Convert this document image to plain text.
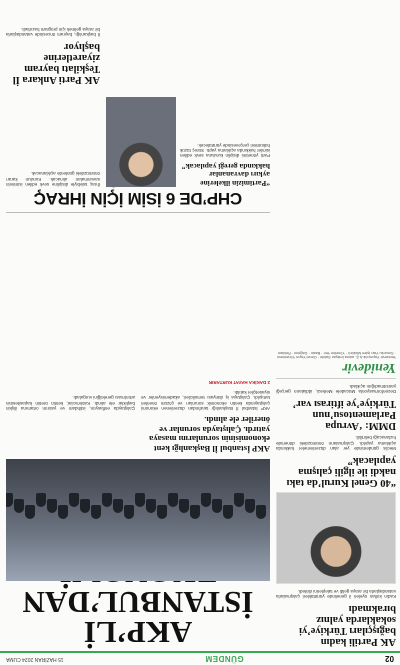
02
GÜNDEM
15 HAZİRAN 2024 CUMA
AKP’Lİ İSTANBUL’DAN
AKP İstanbul İl Başkanlığı kent ekonomisinin sorunlarını masaya yatırdı. Çalıştayda sorunlar ve öneriler ele alındı.
AKP İstanbul İl Başkanlığı tarafından düzenlenen ekonomi çalıştayında kentin ekonomik sorunları ve çözüm önerileri tartışıldı. Çalıştaya iş dünyası temsilcileri, akademisyenler ve siyasetçiler katıldı.
2 DAKİKA HAYAT KURTARIR
Çalıştayda enflasyon, istihdam ve yatırım ortamına ilişkin başlıklar ele alındı. Katılımcılar, kentin üretim kapasitesinin artırılması gerektiğini vurguladı.
CHP’DE 6 İSİM İÇİN İHRAÇ
“Partimizin ilkelerine aykırı davrananlar hakkında gereği yapılacak”
Parti yönetimi disiplin kuruluna sevk edilen isimler hakkında açıklama yaptı. Süreç tüzük hükümleri çerçevesinde yürütülecek.
İhraç talebiyle disipline sevk edilen isimlerin savunmaları alınacak. Kurulun kararı önümüzdeki günlerde açıklanacak.
AK Parti Ankara İl Teşkilatı bayram ziyaretlerine başlıyor
İl başkanlığı, bayram öncesinde vatandaşlarla bir araya gelmek için program hazırladı.
AK Partili kadın bağışçıları Türkiye’yi sokaklarda yalnız bırakmadı
Kadın kolları üyeleri il genelinde yürüttükleri çalışmalarla vatandaşlarla bir araya geldi ve taleplerini dinledi.
“40 Genel Kurul’da takı nakdi ile ilgili çalışma yapılacak”
Meclis gündeminde yer alan düzenlemeler hakkında açıklama yapıldı. Çalışmaların önümüzdeki dönemde hızlanacağı belirtildi.
DMM: ‘Avrupa Parlamentosu’nun Türkiye’ye iftirası var’
Dezenformasyonla Mücadele Merkezi, iddiaların gerçeği yansıtmadığını açıkladı.
Yenidevir
Yenidevir Yayıncılık A.Ş. adına İmtiyaz Sahibi · Genel Yayın Yönetmeni · Sorumlu Yazı İşleri Müdürü · Yönetim Yeri · Baskı · Dağıtım · Reklam
